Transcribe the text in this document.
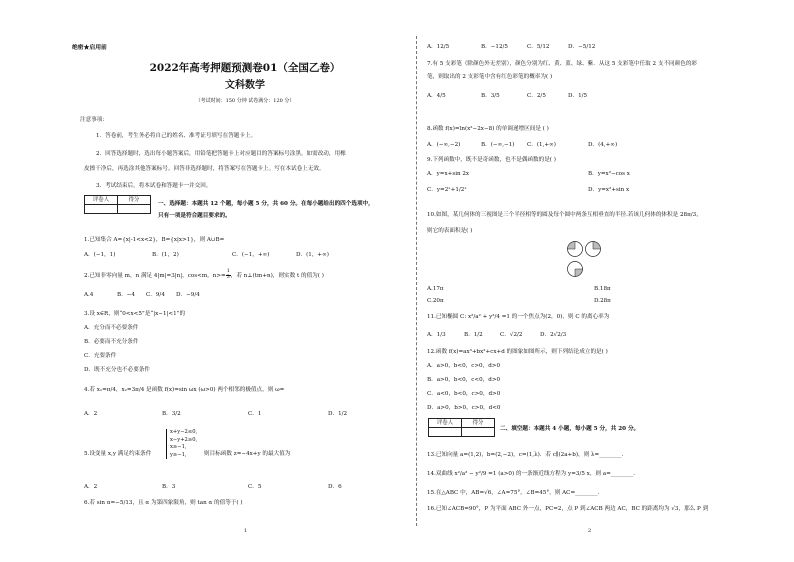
绝密★启用前
2022年高考押题预测卷01（全国乙卷）
文科数学
（考试时间：150 分钟 试卷满分：120 分）
注意事项：
1．答卷前，考生务必将自己的姓名、准考证号填写在答题卡上。
2．回答选择题时，选出每小题答案后，用铅笔把答题卡上对应题目的答案标号涂黑。如需改动，用橡
皮擦干净后，再选涂其他答案标号。回答非选择题时，将答案写在答题卡上。写在本试卷上无效。
3．考试结束后，将本试卷和答题卡一并交回。
评卷人	得分

一、选择题：本题共 12 个题，每小题 5 分，共 60 分。在每小题给出的四个选项中，
只有一项是符合题目要求的。
1.已知集合 A={x|-1<x<2}，B={x|x>1}，则 A∪B=
A．(−1，1)	B．(1，2)	C．(−1，+∞)	D．(1，+∞)
2.已知非零向量 m，n 满足 4|m|=3|n|，cos<m，$n>= \frac{1}{3}$ ，若 n⊥(tm+n)，则实数 t 的值为( )
A.4	B．−4 C．9/4 D．−9/4
3.设 x∈R，则“0<x<5”是“|x−1|<1”的
A．充分而不必要条件
B．必要而不充分条件
C．充要条件
D．既不充分也不必要条件
4.若 x₁=π/4，x₂=3π/4 是函数 f(x)=sin ωx (ω>0) 两个相邻的极值点，则 ω=
A．2	B．3/2	C．1	D．1/2
5.设变量 x,y 满足约束条件
x+y−2≤0,
x−y+2≥0,
x≥−1,
y≥−1,	则目标函数 z=−4x+y 的最大值为
A．2	B．3	C．5	D．6
6.若 sin α=−5/13，且 α 为第四象限角，则 tan α 的值等于( )
A．12/5	B．−12/5	C．5/12	D．−5/12
7.有 5 支彩笔（除颜色外无差别），颜色分别为红、黄、蓝、绿、紫．从这 5 支彩笔中任取 2 支不同颜色的彩
笔，则取出的 2 支彩笔中含有红色彩笔的概率为( )
A．4/5	B．3/5	C．2/5	D．1/5
8.函数 f(x)=ln(x²−2x−8) 的单调递增区间是 ( )
A．(−∞,−2)	B．(−∞,−1) C．(1,+∞)	D．(4,+∞)
9.下列函数中，既不是奇函数，也不是偶函数的是( )
A．y=x+sin 2x	B．y=x²−cos x
C．y=2ˣ+1/2ˣ	D．y=x²+sin x
10.如图，某几何体的三视图是三个半径相等的圆及每个圆中两条互相垂直的半径.若该几何体的体积是 28π/3，
则它的表面积是( )
A.17π	B.18π
C.20π	D.28π
11.已知椭圆 C: x²/a² + y²/4 =1 的一个焦点为(2，0)，则 C 的离心率为
A．1/3	B．1/2	C．√2/2	D．2√2/3
12.函数 f(x)=ax³+bx²+cx+d 的图象如图所示，则下列结论成立的是( )
A．a>0，b<0，c>0，d>0
B．a>0，b<0，c<0，d>0
C．a<0，b<0，c>0，d>0
D．a>0，b>0，c>0，d<0
评卷人	得分

二、填空题：本题共 4 小题，每小题 5 分，共 20 分。
13.已知向量 a=(1,2)，b=(2,−2)，c=(1,λ)．若 c∥(2a+b)，则 λ=________．
14.双曲线 x²/a² − y²/9 =1 (a>0) 的一条渐近线方程为 y=3/5 x，则 a=________．
15.在△ABC 中，AB=√6，∠A=75°，∠B=45°，则 AC=________．
16.已知∠ACB=90°，P 为平面 ABC 外一点，PC=2，点 P 到∠ACB 两边 AC，BC 的距离均为 √3，那么 P 到
1	2
